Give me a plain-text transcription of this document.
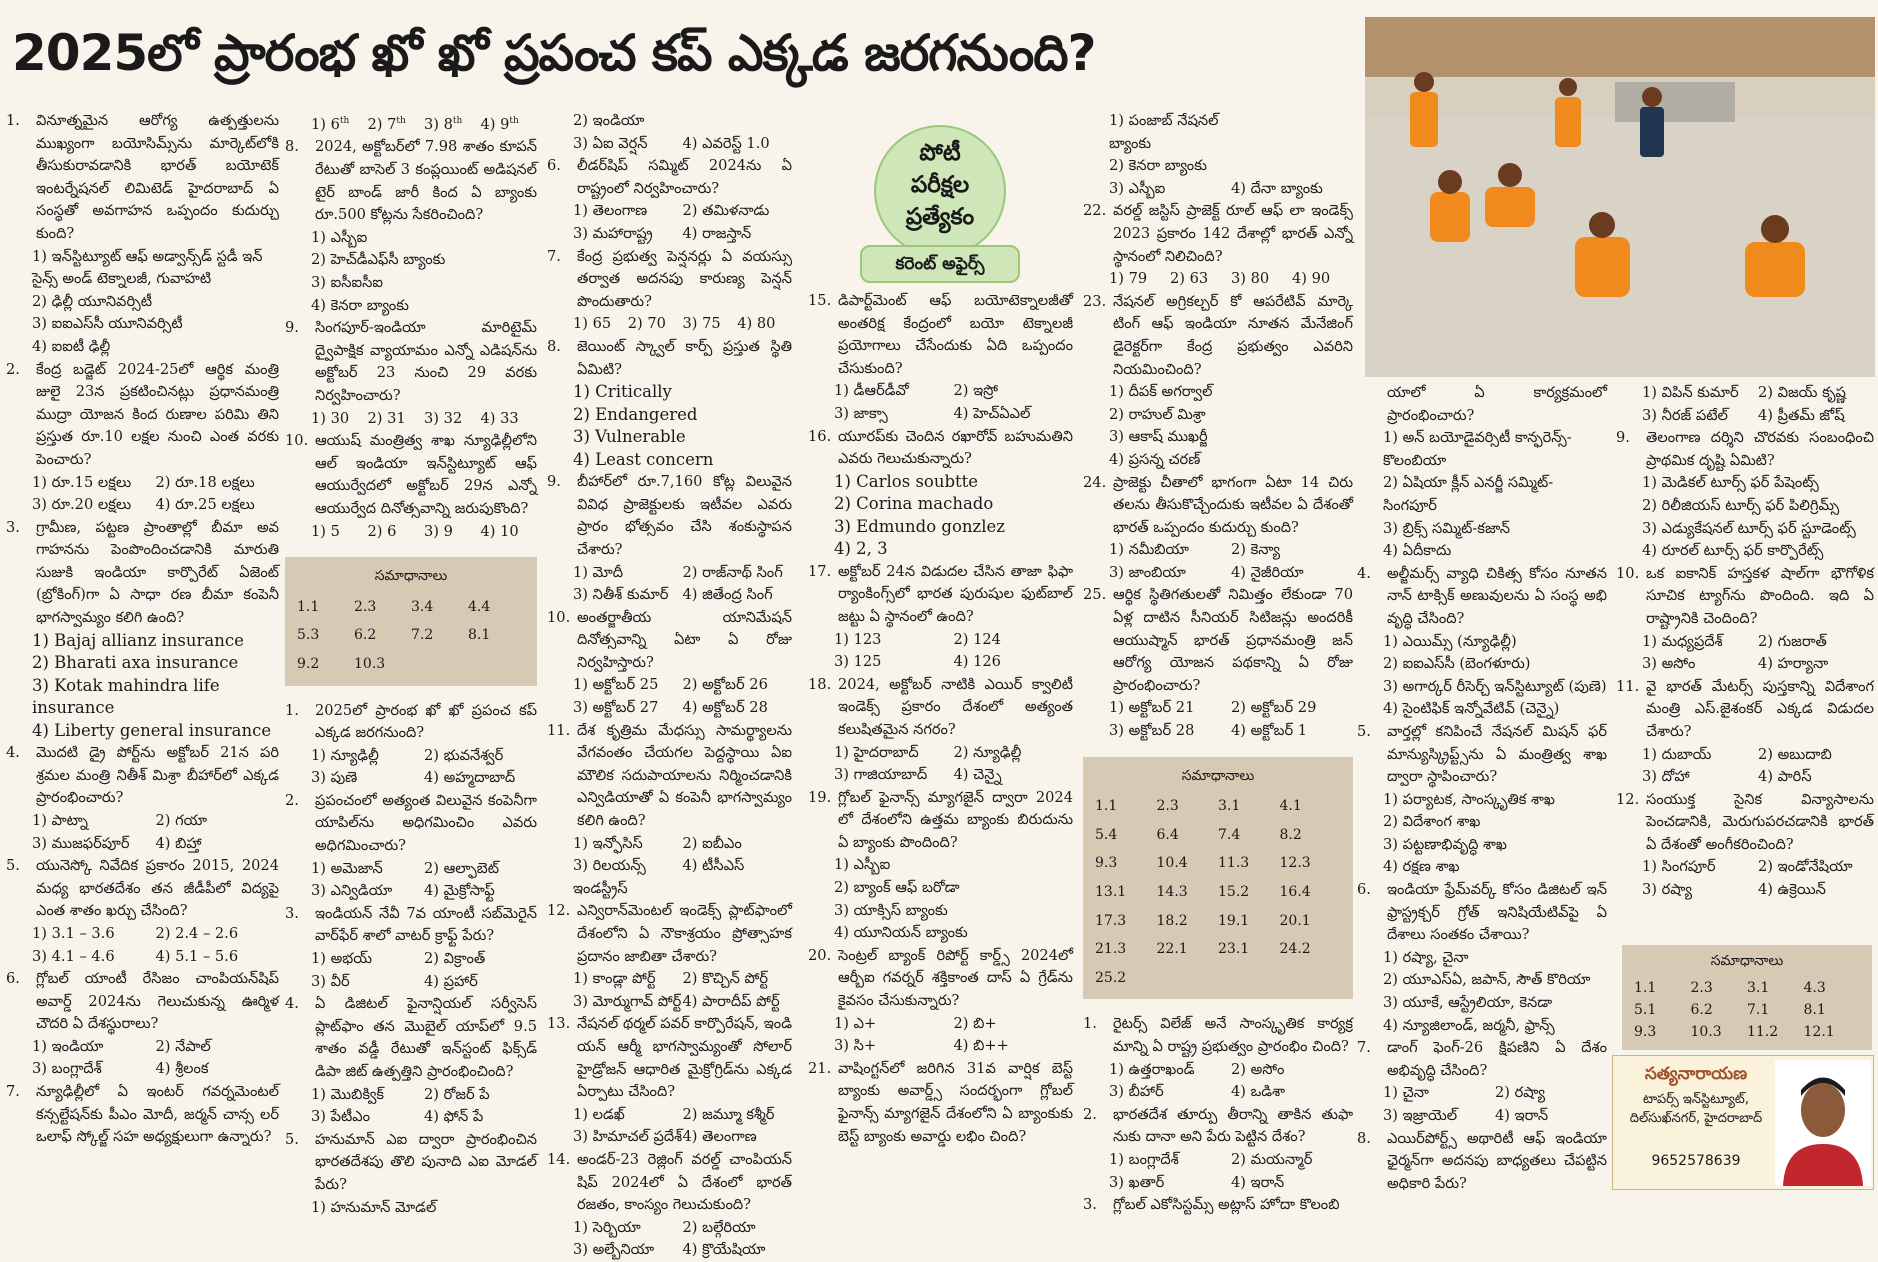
2025లో ప్రారంభ ఖో ఖో ప్రపంచ కప్ ఎక్కడ జరగనుంది?
1. వినూత్నమైన ఆరోగ్య ఉత్పత్తులను ముఖ్యంగా బయోసిమ్స్‌ను మార్కెట్‌లోకి తీసుకురావడానికి భారత్ బయోటెక్ ఇంటర్నేషనల్ లిమిటెడ్ హైదరాబాద్ ఏ సంస్థతో అవగాహన ఒప్పందం కుదుర్చు కుంది?
1) ఇన్‌స్టిట్యూట్ ఆఫ్ అడ్వాన్స్‌డ్ స్టడీ ఇన్ సైన్స్ అండ్ టెక్నాలజీ, గువాహటి
2) ఢిల్లీ యూనివర్సిటీ
3) ఐఐఎస్‌సీ యూనివర్సిటీ
4) ఐఐటీ ఢిల్లీ
2. కేంద్ర బడ్జెట్ 2024-25లో ఆర్థిక మంత్రి జులై 23న ప్రకటించినట్లు ప్రధానమంత్రి ముద్రా యోజన కింద రుణాల పరిమి తిని ప్రస్తుత రూ.10 లక్షల నుంచి ఎంత వరకు పెంచారు?
1) రూ.15 లక్షలు	2) రూ.18 లక్షలు
3) రూ.20 లక్షలు	4) రూ.25 లక్షలు
3. గ్రామీణ, పట్టణ ప్రాంతాల్లో బీమా అవ గాహనను పెంపొందించడానికి మారుతి సుజుకి ఇండియా కార్పొరేట్ ఏజెంట్ (బ్రోకింగ్)గా ఏ సాధా రణ బీమా కంపెనీ భాగస్వామ్యం కలిగి ఉంది?
1) Bajaj allianz insurance
2) Bharati axa insurance
3) Kotak mahindra life insurance
4) Liberty general insurance
4. మొదటి డ్రై పోర్ట్‌ను అక్టోబర్ 21న పరి శ్రమల మంత్రి నితీశ్ మిశ్రా బీహార్‌లో ఎక్కడ ప్రారంభించారు?
1) పాట్నా	2) గయా
3) ముజఫర్‌పూర్	4) బిహ్తా
5. యునెస్కో నివేదిక ప్రకారం 2015, 2024 మధ్య భారతదేశం తన జీడీపీలో విద్యపై ఎంత శాతం ఖర్చు చేసింది?
1) 3.1 – 3.6	2) 2.4 – 2.6
3) 4.1 – 4.6	4) 5.1 – 5.6
6. గ్లోబల్ యాంటీ రేసిజం చాంపియన్‌షిప్ అవార్డ్ 2024ను గెలుచుకున్న ఊర్మిళ చౌదరి ఏ దేశస్థురాలు?
1) ఇండియా	2) నేపాల్
3) బంగ్లాదేశ్	4) శ్రీలంక
7. న్యూఢిల్లీలో ఏ ఇంటర్ గవర్నమెంటల్ కన్సల్టేషన్‌కు పీఎం మోదీ, జర్మన్ చాన్స లర్ ఒలాఫ్ స్కోల్జ్ సహ అధ్యక్షులుగా ఉన్నారు?
1) 6th	2) 7th	3) 8th	4) 9th
8. 2024, అక్టోబర్‌లో 7.98 శాతం కూపన్ రేటుతో బాసెల్ 3 కంప్లయింట్ అడిషనల్ టైర్ బాండ్ జారీ కింద ఏ బ్యాంకు రూ.500 కోట్లను సేకరించింది?
1) ఎస్బీఐ
2) హెచ్‌డీఎఫ్‌సీ బ్యాంకు
3) ఐసీఐసీఐ
4) కెనరా బ్యాంకు
9. సింగపూర్-ఇండియా మారిటైమ్ ద్వైపాక్షిక వ్యాయామం ఎన్నో ఎడిషన్‌ను అక్టోబర్ 23 నుంచి 29 వరకు నిర్వహించారు?
1) 30	2) 31	3) 32	4) 33
10. ఆయుష్ మంత్రిత్వ శాఖ న్యూఢిల్లీలోని ఆల్ ఇండియా ఇన్‌స్టిట్యూట్ ఆఫ్ ఆయుర్వేదలో అక్టోబర్ 29న ఎన్నో ఆయుర్వేద దినోత్సవాన్ని జరుపుకొంది?
1) 5	2) 6	3) 9	4) 10
సమాధానాలు
1.1	2.3	3.4	4.4
5.3	6.2	7.2	8.1
9.2	10.3
1. 2025లో ప్రారంభ ఖో ఖో ప్రపంచ కప్ ఎక్కడ జరగనుంది?
1) న్యూఢిల్లీ	2) భువనేశ్వర్
3) పుణె	4) అహ్మదాబాద్
2. ప్రపంచంలో అత్యంత విలువైన కంపెనీగా యాపిల్‌ను అధిగమించిం ఎవరు అధిగమించారు?
1) అమెజాన్	2) ఆల్ఫాబెట్
3) ఎన్విడియా	4) మైక్రోసాఫ్ట్
3. ఇండియన్ నేవీ 7వ యాంటీ సబ్‌మెరైన్ వార్‌ఫేర్ శాలో వాటర్ క్రాఫ్ట్ పేరు?
1) అభయ్	2) విక్రాంత్
3) వీర్	4) ప్రహార్
4. ఏ డిజిటల్ ఫైనాన్షియల్ సర్వీసెస్ ప్లాట్‌ఫాం తన మొబైల్ యాప్‌లో 9.5 శాతం వడ్డీ రేటుతో ఇన్‌స్టంట్ ఫిక్స్‌డ్ డిపా జిట్ ఉత్పత్తిని ప్రారంభించింది?
1) మొబిక్విక్	2) రోజర్ పే
3) పేటీఎం	4) ఫోన్ పే
5. హనుమాన్ ఎఐ ద్వారా ప్రారంభించిన భారతదేశపు తొలి పునాది ఎఐ మోడల్ పేరు?
1) హనుమాన్ మోడల్
2) ఇండియా
3) ఏఐ వెర్షన్	4) ఎవరెస్ట్ 1.0
6. లీడర్‌షిప్ సమ్మిట్ 2024ను ఏ రాష్ట్రంలో నిర్వహించారు?
1) తెలంగాణ	2) తమిళనాడు
3) మహారాష్ట్ర	4) రాజస్తాన్
7. కేంద్ర ప్రభుత్వ పెన్షనర్లు ఏ వయస్సు తర్వాత అదనపు కారుణ్య పెన్షన్ పొందుతారు?
1) 65	2) 70	3) 75	4) 80
8. జెయింట్ స్క్వాల్ కార్ప్ ప్రస్తుత స్థితి ఏమిటి?
1) Critically
2) Endangered
3) Vulnerable
4) Least concern
9. బీహార్‌లో రూ.7,160 కోట్ల విలువైన వివిధ ప్రాజెక్టులకు ఇటీవల ఎవరు ప్రారం భోత్సవం చేసి శంకుస్థాపన చేశారు?
1) మోదీ	2) రాజ్‌నాథ్ సింగ్
3) నితీశ్ కుమార్ 4) జితేంద్ర సింగ్
10. అంతర్జాతీయ యానిమేషన్ దినోత్సవాన్ని ఏటా ఏ రోజు నిర్వహిస్తారు?
1) అక్టోబర్ 25	2) అక్టోబర్ 26
3) అక్టోబర్ 27	4) అక్టోబర్ 28
11. దేశ కృత్రిమ మేధస్సు సామర్థ్యాలను వేగవంతం చేయగల పెద్దస్థాయి ఏఐ మౌలిక సదుపాయాలను నిర్మించడానికి ఎన్విడియాతో ఏ కంపెనీ భాగస్వామ్యం కలిగి ఉంది?
1) ఇన్ఫోసిస్	2) ఐబీఎం
3) రిలయన్స్ ఇండస్ట్రీస్
4) టీసీఎస్
12. ఎన్విరాన్‌మెంటల్ ఇండెక్స్ ప్లాట్‌ఫాంలో దేశంలోని ఏ నౌకాశ్రయం ప్రోత్సాహక ప్రదానం జాబితా చేశారు?
1) కాండ్లా పోర్ట్	2) కొచ్చిన్ పోర్ట్
3) మోర్ముగావ్ పోర్ట్ 4) పారాదీప్ పోర్ట్
13. నేషనల్ థర్మల్ పవర్ కార్పొరేషన్, ఇండి యన్ ఆర్మీ భాగస్వామ్యంతో సోలార్ హైడ్రోజన్ ఆధారిత మైక్రోగ్రిడ్‌ను ఎక్కడ ఏర్పాటు చేసింది?
1) లడఖ్	2) జమ్మూ కశ్మీర్
3) హిమాచల్ ప్రదేశ్ 4) తెలంగాణ
14. అండర్-23 రెజ్లింగ్ వరల్డ్ చాంపియన్ షిప్ 2024లో ఏ దేశంలో భారత్ రజతం, కాంస్యం గెలుచుకుంది?
1) సెర్బియా	2) బల్గేరియా
3) అల్బేనియా	4) క్రొయేషియా
15. డిపార్ట్‌మెంట్ ఆఫ్ బయోటెక్నాలజీతో అంతరిక్ష కేంద్రంలో బయో టెక్నాలజీ ప్రయోగాలు చేసేందుకు ఏది ఒప్పందం చేసుకుంది?
1) డీఆర్‌డీవో	2) ఇస్రో
3) జాక్సా	4) హెచ్ఏఎల్
16. యూరప్‌కు చెందిన రఖారోవ్ బహుమతిని ఎవరు గెలుచుకున్నారు?
1) Carlos soubtte
2) Corina machado
3) Edmundo gonzlez
4) 2, 3
17. అక్టోబర్ 24న విడుదల చేసిన తాజా ఫిఫా ర్యాంకింగ్స్‌లో భారత పురుషుల ఫుట్‌బాల్ జట్టు ఏ స్థానంలో ఉంది?
1) 123	2) 124
3) 125	4) 126
18. 2024, అక్టోబర్ నాటికి ఎయిర్ క్వాలిటీ ఇండెక్స్ ప్రకారం దేశంలో అత్యంత కలుషితమైన నగరం?
1) హైదరాబాద్	2) న్యూఢిల్లీ
3) గాజియాబాద్	4) చెన్నై
19. గ్లోబల్ ఫైనాన్స్ మ్యాగజైన్ ద్వారా 2024 లో దేశంలోని ఉత్తమ బ్యాంకు బిరుదును ఏ బ్యాంకు పొందింది?
1) ఎస్బీఐ
2) బ్యాంక్ ఆఫ్ బరోడా
3) యాక్సిస్ బ్యాంకు
4) యూనియన్ బ్యాంకు
20. సెంట్రల్ బ్యాంక్ రిపోర్ట్ కార్డ్స్ 2024లో ఆర్బీఐ గవర్నర్ శక్తికాంత దాస్ ఏ గ్రేడ్‌ను కైవసం చేసుకున్నారు?
1) ఎ+	2) బి+
3) సి+	4) బి++
21. వాషింగ్టన్‌లో జరిగిన 31వ వార్షిక బెస్ట్ బ్యాంకు అవార్డ్స్ సందర్భంగా గ్లోబల్ ఫైనాన్స్ మ్యాగజైన్ దేశంలోని ఏ బ్యాంకుకు బెస్ట్ బ్యాంకు అవార్డు లభిం చింది?
1) పంజాబ్ నేషనల్ బ్యాంకు
2) కెనరా బ్యాంకు
3) ఎస్బీఐ	4) దేనా బ్యాంకు
22. వరల్డ్ జస్టిస్ ప్రాజెక్ట్ రూల్ ఆఫ్ లా ఇండెక్స్ 2023 ప్రకారం 142 దేశాల్లో భారత్ ఎన్నో స్థానంలో నిలిచింది?
1) 79	2) 63	3) 80	4) 90
23. నేషనల్ అగ్రికల్చర్ కో ఆపరేటివ్ మార్కె టింగ్ ఆఫ్ ఇండియా నూతన మేనేజింగ్ డైరెక్టర్‌గా కేంద్ర ప్రభుత్వం ఎవరిని నియమించింది?
1) దీపక్ అగర్వాల్
2) రాహుల్ మిశ్రా
3) ఆకాష్ ముఖర్జీ
4) ప్రసన్న చరణ్
24. ప్రాజెక్టు చీతాలో భాగంగా ఏటా 14 చిరు తలను తీసుకొచ్చేందుకు ఇటీవల ఏ దేశంతో భారత్ ఒప్పందం కుదుర్చు కుంది?
1) నమీబియా	2) కెన్యా
3) జాంబియా	4) నైజీరియా
25. ఆర్థిక స్థితిగతులతో నిమిత్తం లేకుండా 70 ఏళ్ల దాటిన సీనియర్ సిటిజన్లు అందరికీ ఆయుష్మాన్ భారత్ ప్రధానమంత్రి జన్ ఆరోగ్య యోజన పథకాన్ని ఏ రోజు ప్రారంభించారు?
1) అక్టోబర్ 21	2) అక్టోబర్ 29
3) అక్టోబర్ 28	4) అక్టోబర్ 1
సమాధానాలు
1.1	2.3	3.1	4.1
5.4	6.4	7.4	8.2
9.3	10.4	11.3	12.3
13.1	14.3	15.2	16.4
17.3	18.2	19.1	20.1
21.3	22.1	23.1	24.2
25.2
1. రైటర్స్ విలేజ్ అనే సాంస్కృతిక కార్యక్ర మాన్ని ఏ రాష్ట్ర ప్రభుత్వం ప్రారంభిం చింది?
1) ఉత్తరాఖండ్	2) అసోం
3) బీహార్	4) ఒడిశా
2. భారతదేశ తూర్పు తీరాన్ని తాకిన తుఫా నుకు దానా అని పేరు పెట్టిన దేశం?
1) బంగ్లాదేశ్	2) మయన్మార్
3) ఖతార్	4) ఇరాన్
3. గ్లోబల్ ఎకోసిస్టమ్స్ అట్లాస్ హోదా కొలంబి
యాలో ఏ కార్యక్రమంలో ప్రారంభించారు?
1) అన్ బయోడైవర్సిటీ కాన్ఫరెన్స్-కొలంబియా
2) ఏషియా క్లీన్ ఎనర్జీ సమ్మిట్-సింగపూర్
3) బ్రిక్స్ సమ్మిట్-కజాన్
4) ఏదీకాదు
4. అల్జీమర్స్ వ్యాధి చికిత్స కోసం నూతన నాన్ టాక్సిక్ అణువులను ఏ సంస్థ అభి వృద్ధి చేసింది?
1) ఎయిమ్స్ (న్యూఢిల్లీ)
2) ఐఐఎస్‌సీ (బెంగళూరు)
3) అగార్కర్ రీసెర్చ్ ఇన్‌స్టిట్యూట్ (పుణె)
4) సైంటిఫిక్ ఇన్నోవేటివ్ (చెన్నై)
5. వార్తల్లో కనిపించే నేషనల్ మిషన్ ఫర్ మాన్యుస్క్రిప్ట్స్‌ను ఏ మంత్రిత్వ శాఖ ద్వారా స్థాపించారు?
1) పర్యాటక, సాంస్కృతిక శాఖ
2) విదేశాంగ శాఖ
3) పట్టణాభివృద్ధి శాఖ
4) రక్షణ శాఖ
6. ఇండియా ఫ్రేమ్‌వర్క్ కోసం డిజిటల్ ఇన్ ఫ్రాస్ట్రక్చర్ గ్రోత్ ఇనిషియేటివ్‌పై ఏ దేశాలు సంతకం చేశాయి?
1) రష్యా, చైనా
2) యూఎస్ఏ, జపాన్, సౌత్ కొరియా
3) యూకే, ఆస్ట్రేలియా, కెనడా
4) న్యూజిలాండ్, జర్మనీ, ఫ్రాన్స్
7. డాంగ్ ఫెంగ్-26 క్షిపణిని ఏ దేశం అభివృద్ధి చేసింది?
1) చైనా	2) రష్యా
3) ఇజ్రాయెల్	4) ఇరాన్
8. ఎయిర్‌పోర్ట్స్ అథారిటీ ఆఫ్ ఇండియా ఛైర్మన్‌గా అదనపు బాధ్యతలు చేపట్టిన అధికారి పేరు?
1) విపిన్ కుమార్	2) విజయ్ కృష్ణ
3) నీరజ్ పటేల్	4) ప్రీతమ్ జోష్
9. తెలంగాణ దర్శిని చొరవకు సంబంధించి ప్రాథమిక దృష్టి ఏమిటి?
1) మెడికల్ టూర్స్ ఫర్ పేషెంట్స్
2) రిలీజియస్ టూర్స్ ఫర్ పిలిగ్రిమ్స్
3) ఎడ్యుకేషనల్ టూర్స్ ఫర్ స్టూడెంట్స్
4) రూరల్ టూర్స్ ఫర్ కార్పొరేట్స్
10. ఒక ఐకానిక్ హస్తకళ షాల్‌గా భౌగోళిక సూచిక ట్యాగ్‌ను పొందింది. ఇది ఏ రాష్ట్రానికి చెందింది?
1) మధ్యప్రదేశ్	2) గుజరాత్
3) అసోం	4) హర్యానా
11. వై భారత్ మేటర్స్ పుస్తకాన్ని విదేశాంగ మంత్రి ఎస్.జైశంకర్ ఎక్కడ విడుదల చేశారు?
1) దుబాయ్	2) అబుదాబి
3) దోహా	4) పారిస్
12. సంయుక్త సైనిక విన్యాసాలను పెంచడానికి, మెరుగుపరచడానికి భారత్ ఏ దేశంతో అంగీకరించింది?
1) సింగపూర్	2) ఇండోనేషియా
3) రష్యా	4) ఉక్రెయిన్
పోటీ
పరీక్షల
ప్రత్యేకం
కరెంట్ అఫైర్స్
సత్యనారాయణ
టాపర్స్ ఇన్‌స్టిట్యూట్,
దిల్‌సుఖ్‌నగర్, హైదరాబాద్
9652578639
సమాధానాలు
1.1	2.3	3.1	4.3
5.1	6.2	7.1	8.1
9.3	10.3	11.2	12.1
